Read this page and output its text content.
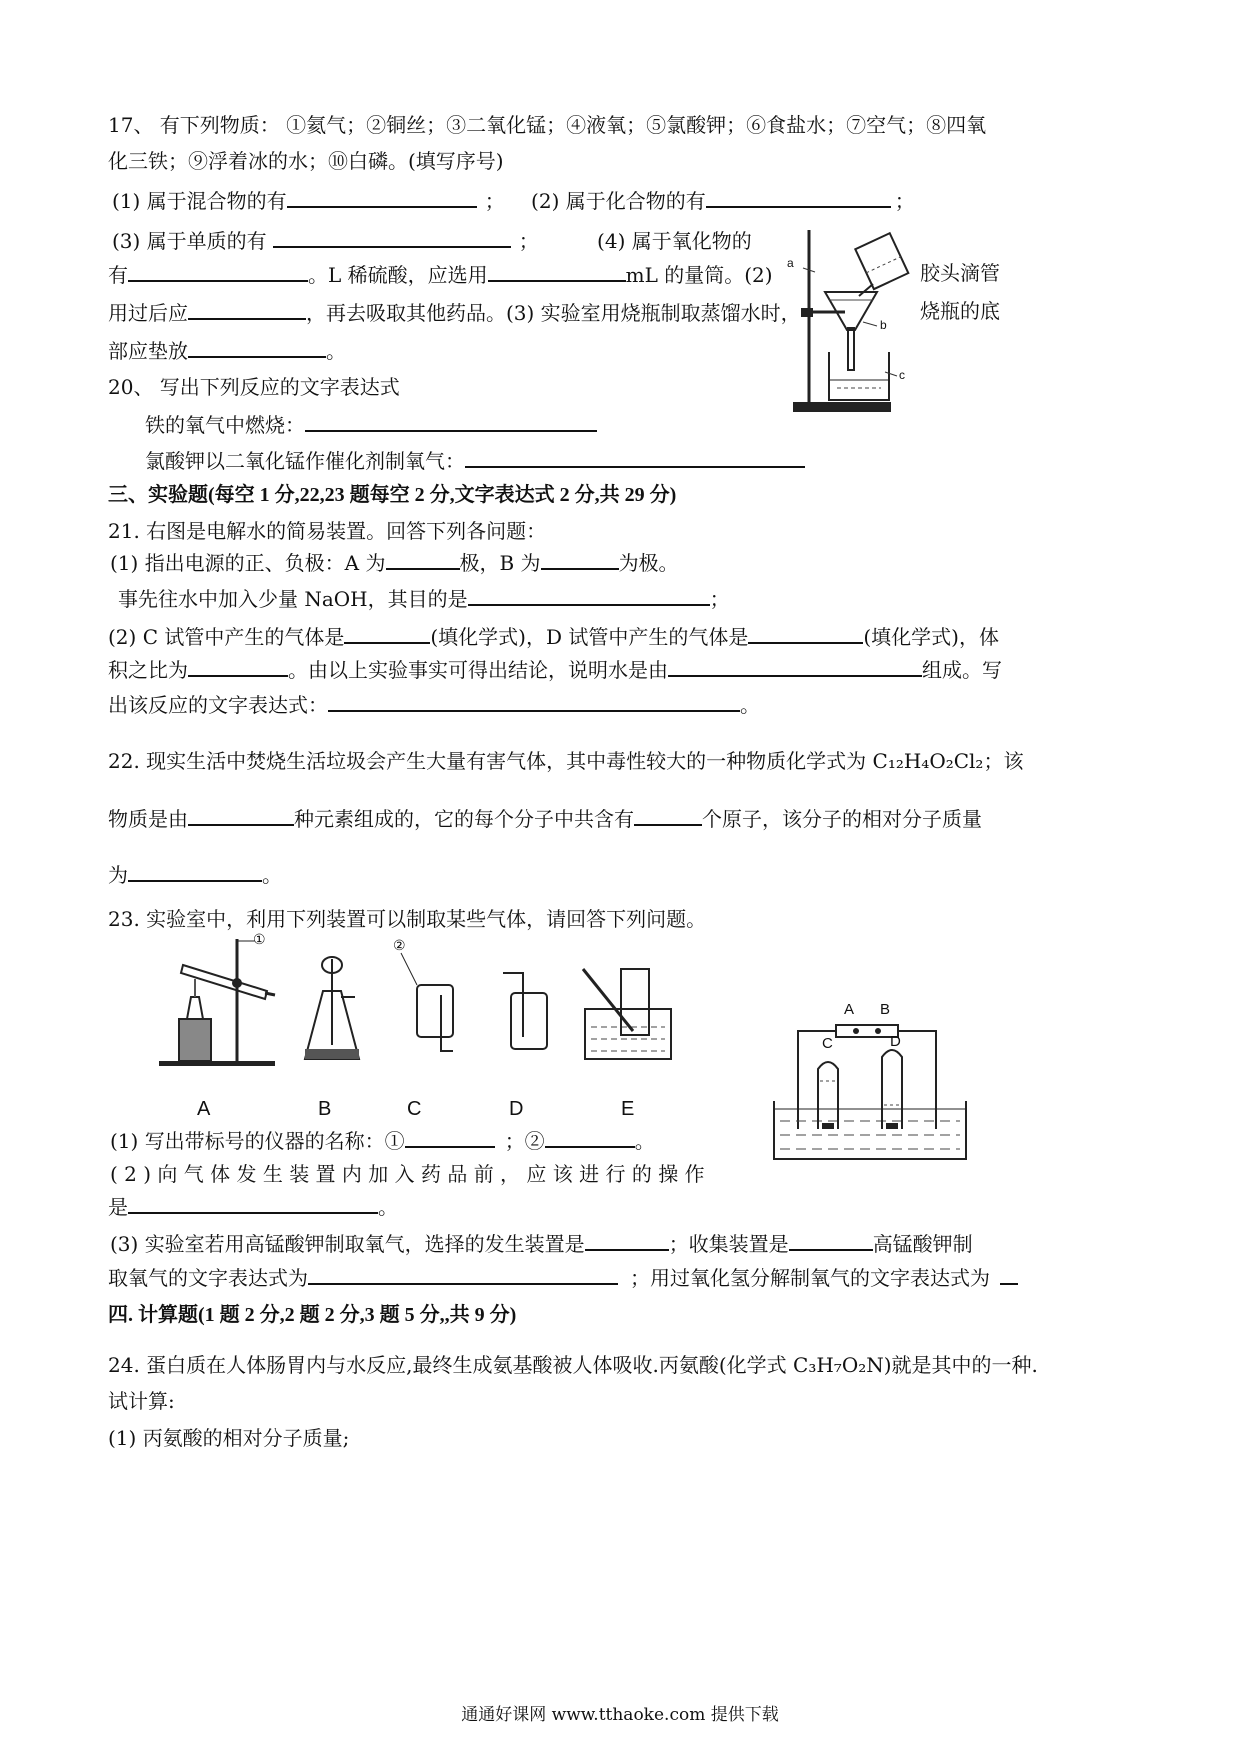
17、 有下列物质： ①氦气；②铜丝；③二氧化锰；④液氧；⑤氯酸钾；⑥食盐水；⑦空气；⑧四氧
化三铁；⑨浮着冰的水；⑩白磷。(填写序号)
(1) 属于混合物的有	； (2) 属于化合物的有	；
(3) 属于单质的有	；	(4) 属于氧化物的
有	。L 稀硫酸，应选用	mL 的量筒。(2)	胶头滴管
用过后应	，再去吸取其他药品。(3) 实验室用烧瓶制取蒸馏水时，	烧瓶的底
部应垫放	。
a
b
c
20、 写出下列反应的文字表达式
铁的氧气中燃烧：
氯酸钾以二氧化锰作催化剂制氧气：
三、实验题(每空 1 分,22,23 题每空 2 分,文字表达式 2 分,共 29 分)
21. 右图是电解水的简易装置。回答下列各问题：
(1) 指出电源的正、负极：A 为	极，B 为	为极。
事先往水中加入少量 NaOH，其目的是	；
(2) C 试管中产生的气体是	(填化学式)，D 试管中产生的气体是	(填化学式)，体
积之比为	。由以上实验事实可得出结论，说明水是由	组成。写
出该反应的文字表达式：	。
22. 现实生活中焚烧生活垃圾会产生大量有害气体，其中毒性较大的一种物质化学式为 C₁₂H₄O₂Cl₂；该
物质是由	种元素组成的，它的每个分子中共含有	个原子，该分子的相对分子质量
为	。
23. 实验室中，利用下列装置可以制取某些气体，请回答下列问题。
①	②
A	B	C	D	E
A B
C	D
(1) 写出带标号的仪器的名称：①	；②	。
( 2 ) 向 气 体 发 生 装 置 内 加 入 药 品 前 ， 应 该 进 行 的 操 作
是	。
(3) 实验室若用高锰酸钾制取氧气，选择的发生装置是	；收集装置是	高锰酸钾制
取氧气的文字表达式为	；用过氧化氢分解制氧气的文字表达式为
四. 计算题(1 题 2 分,2 题 2 分,3 题 5 分,,共 9 分)
24. 蛋白质在人体肠胃内与水反应,最终生成氨基酸被人体吸收.丙氨酸(化学式 C₃H₇O₂N)就是其中的一种.
试计算:
(1) 丙氨酸的相对分子质量;
通通好课网 www.tthaoke.com 提供下载
